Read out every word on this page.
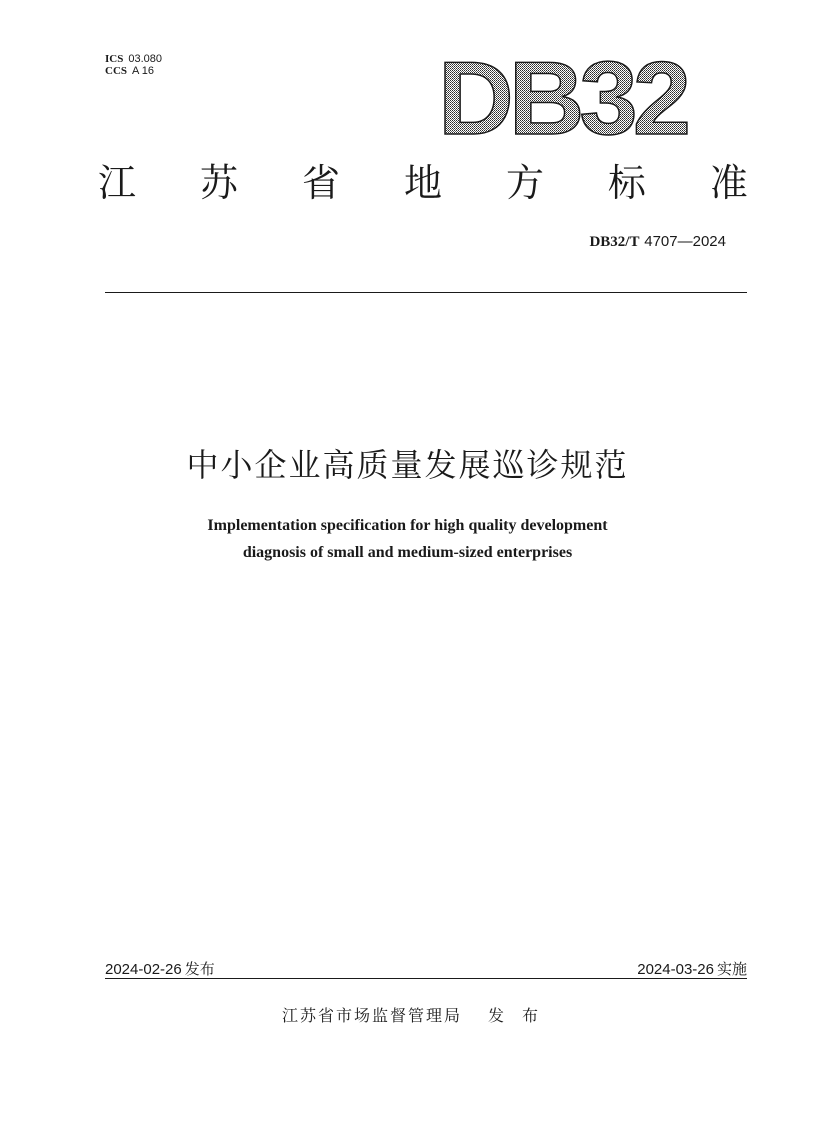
ICS 03.080
CCS A 16	DB32
江 苏 省 地 方 标 准
DB32/T 4707—2024
中小企业高质量发展巡诊规范
Implementation specification for high quality development
diagnosis of small and medium-sized enterprises
2024-02-26 发布	2024-03-26 实施
江苏省市场监督管理局 发布
